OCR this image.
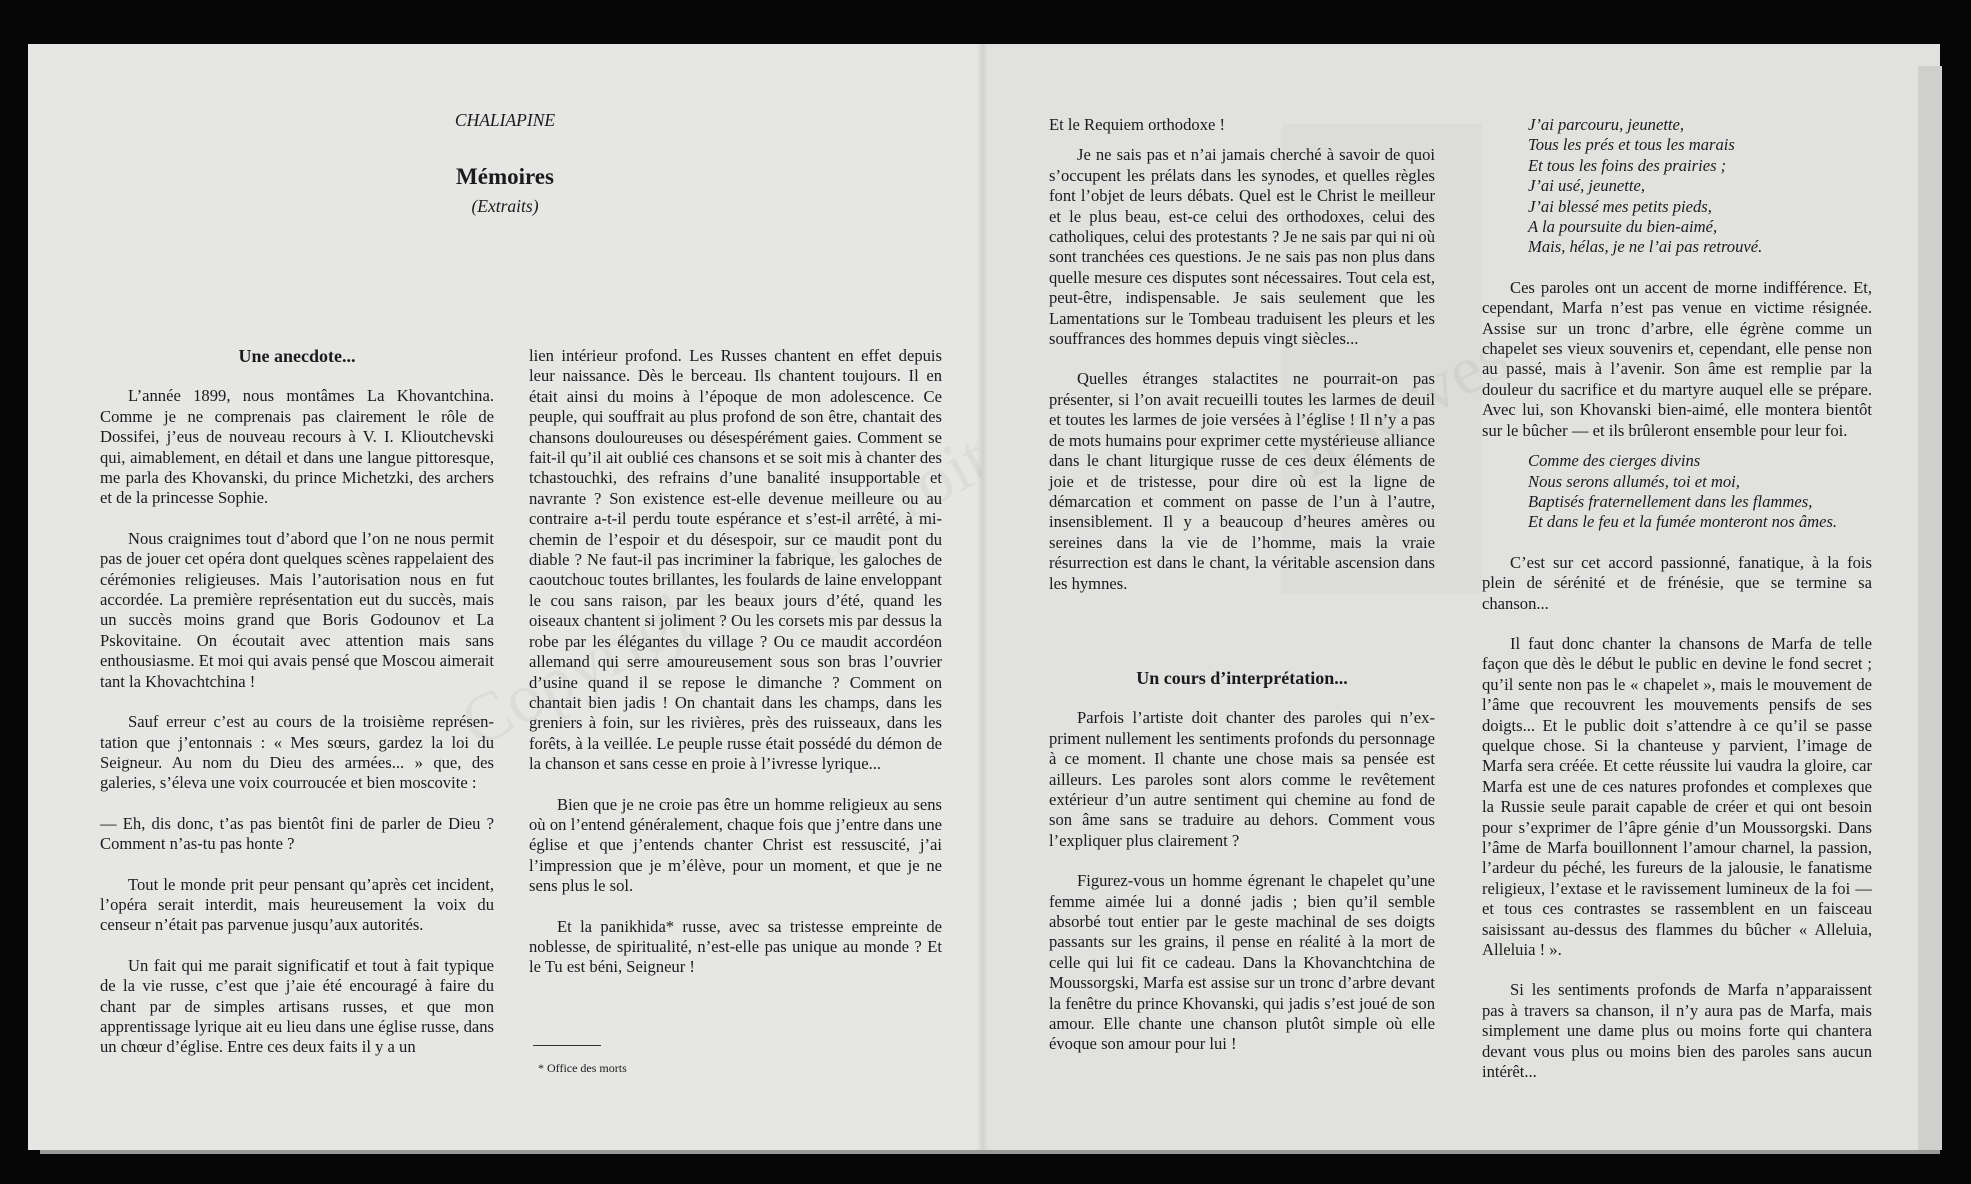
CHALIAPINE
Mémoires
(Extraits)
Une anecdote...

L’année 1899, nous montâmes La Khovantchina. Comme je ne comprenais pas clairement le rôle de Dossifei, j’eus de nouveau recours à V. I. Klioutchevski qui, aimablement, en détail et dans une langue pittoresque, me parla des Khovanski, du prince Michetzki, des archers et de la princesse Sophie.

Nous craignimes tout d’abord que l’on ne nous permit pas de jouer cet opéra dont quelques scènes rappelaient des cérémonies religieuses. Mais l’autorisation nous en fut accordée. La première représentation eut du succès, mais un succès moins grand que Boris Godounov et La Pskovitaine. On écoutait avec attention mais sans enthousiasme. Et moi qui avais pensé que Moscou aimerait tant la Khovachtchina !

Sauf erreur c’est au cours de la troisième représentation que j’entonnais : « Mes sœurs, gardez la loi du Seigneur. Au nom du Dieu des armées... » que, des galeries, s’éleva une voix courroucée et bien moscovite :

— Eh, dis donc, t’as pas bientôt fini de parler de Dieu ? Comment n’as-tu pas honte ?

Tout le monde prit peur pensant qu’après cet incident, l’opéra serait interdit, mais heureusement la voix du censeur n’était pas parvenue jusqu’aux autorités.

Un fait qui me parait significatif et tout à fait typique de la vie russe, c’est que j’aie été encouragé à faire du chant par de simples artisans russes, et que mon apprentissage lyrique ait eu lieu dans une église russe, dans un chœur d’église. Entre ces deux faits il y a un

lien intérieur profond. Les Russes chantent en effet depuis leur naissance. Dès le berceau. Ils chantent toujours. Il en était ainsi du moins à l’époque de mon adolescence. Ce peuple, qui souffrait au plus profond de son être, chantait des chansons douloureuses ou désespérément gaies. Comment se fait-il qu’il ait oublié ces chansons et se soit mis à chanter des tchastouchki, des refrains d’une banalité insupportable et navrante ? Son existence est-elle devenue meilleure ou au contraire a-t-il perdu toute espérance et s’est-il arrêté, à mi-chemin de l’espoir et du désespoir, sur ce maudit pont du diable ? Ne faut-il pas incriminer la fabrique, les galoches de caoutchouc toutes brillantes, les foulards de laine enveloppant le cou sans raison, par les beaux jours d’été, quand les oiseaux chantent si joliment ? Ou les corsets mis par dessus la robe par les élégantes du village ? Ou ce maudit accordéon allemand qui serre amoureusement sous son bras l’ouvrier d’usine quand il se repose le dimanche ? Comment on chantait bien jadis ! On chantait dans les champs, dans les greniers à foin, sur les rivières, près des ruisseaux, dans les forêts, à la veillée. Le peuple russe était possédé du démon de la chanson et sans cesse en proie à l’ivresse lyrique...

Bien que je ne croie pas être un homme religieux au sens où on l’entend généralement, chaque fois que j’entre dans une église et que j’entends chanter Christ est ressuscité, j’ai l’impression que je m’élève, pour un moment, et que je ne sens plus le sol.

Et la panikhida* russe, avec sa tristesse empreinte de noblesse, de spiritualité, n’est-elle pas unique au monde ? Et le Tu est béni, Seigneur !

* Office des morts

Et le Requiem orthodoxe !

Je ne sais pas et n’ai jamais cherché à savoir de quoi s’occupent les prélats dans les synodes, et quelles règles font l’objet de leurs débats. Quel est le Christ le meilleur et le plus beau, est-ce celui des orthodoxes, celui des catholiques, celui des protestants ? Je ne sais par qui ni où sont tranchées ces questions. Je ne sais pas non plus dans quelle mesure ces disputes sont nécessaires. Tout cela est, peut-être, indispensable. Je sais seulement que les Lamentations sur le Tombeau traduisent les pleurs et les souffrances des hommes depuis vingt siècles...

Quelles étranges stalactites ne pourrait-on pas présenter, si l’on avait recueilli toutes les larmes de deuil et toutes les larmes de joie versées à l’église ! Il n’y a pas de mots humains pour exprimer cette mystérieuse alliance dans le chant liturgique russe de ces deux éléments de joie et de tristesse, pour dire où est la ligne de démarcation et comment on passe de l’un à l’autre, insensiblement. Il y a beaucoup d’heures amères ou sereines dans la vie de l’homme, mais la vraie résurrection est dans le chant, la véritable ascension dans les hymnes.

Un cours d’interprétation...

Parfois l’artiste doit chanter des paroles qui n’expriment nullement les sentiments profonds du personnage à ce moment. Il chante une chose mais sa pensée est ailleurs. Les paroles sont alors comme le revêtement extérieur d’un autre sentiment qui chemine au fond de son âme sans se traduire au dehors. Comment vous l’expliquer plus clairement ?

Figurez-vous un homme égrenant le chapelet qu’une femme aimée lui a donné jadis ; bien qu’il semble absorbé tout entier par le geste machinal de ses doigts passants sur les grains, il pense en réalité à la mort de celle qui lui fit ce cadeau. Dans la Khovanchtchina de Moussorgski, Marfa est assise sur un tronc d’arbre devant la fenêtre du prince Khovanski, qui jadis s’est joué de son amour. Elle chante une chanson plutôt simple où elle évoque son amour pour lui !

J’ai parcouru, jeunette,
Tous les prés et tous les marais
Et tous les foins des prairies ;
J’ai usé, jeunette,
J’ai blessé mes petits pieds,
A la poursuite du bien-aimé,
Mais, hélas, je ne l’ai pas retrouvé.

Ces paroles ont un accent de morne indifférence. Et, cependant, Marfa n’est pas venue en victime résignée. Assise sur un tronc d’arbre, elle égrène comme un chapelet ses vieux souvenirs et, cependant, elle pense non au passé, mais à l’avenir. Son âme est remplie par la douleur du sacrifice et du martyre auquel elle se prépare. Avec lui, son Khovanski bien-aimé, elle montera bientôt sur le bûcher — et ils brûleront ensemble pour leur foi.

Comme des cierges divins
Nous serons allumés, toi et moi,
Baptisés fraternellement dans les flammes,
Et dans le feu et la fumée monteront nos âmes.

C’est sur cet accord passionné, fanatique, à la fois plein de sérénité et de frénésie, que se termine sa chanson...

Il faut donc chanter la chansons de Marfa de telle façon que dès le début le public en devine le fond secret ; qu’il sente non pas le « chapelet », mais le mouvement de l’âme que recouvrent les mouvements pensifs de ses doigts... Et le public doit s’attendre à ce qu’il se passe quelque chose. Si la chanteuse y parvient, l’image de Marfa sera créée. Et cette réussite lui vaudra la gloire, car Marfa est une de ces natures profondes et complexes que la Russie seule parait capable de créer et qui ont besoin pour s’exprimer de l’âpre génie d’un Moussorgski. Dans l’âme de Marfa bouillonnent l’amour charnel, la passion, l’ardeur du péché, les fureurs de la jalousie, le fanatisme religieux, l’extase et le ravissement lumineux de la foi — et tous ces contrastes se rassemblent en un faisceau saisissant au-dessus des flammes du bûcher « Alleluia, Alleluia ! ».

Si les sentiments profonds de Marfa n’apparaissent pas à travers sa chanson, il n’y aura pas de Marfa, mais simplement une dame plus ou moins forte qui chantera devant vous plus ou moins bien des paroles sans aucun intérêt...
